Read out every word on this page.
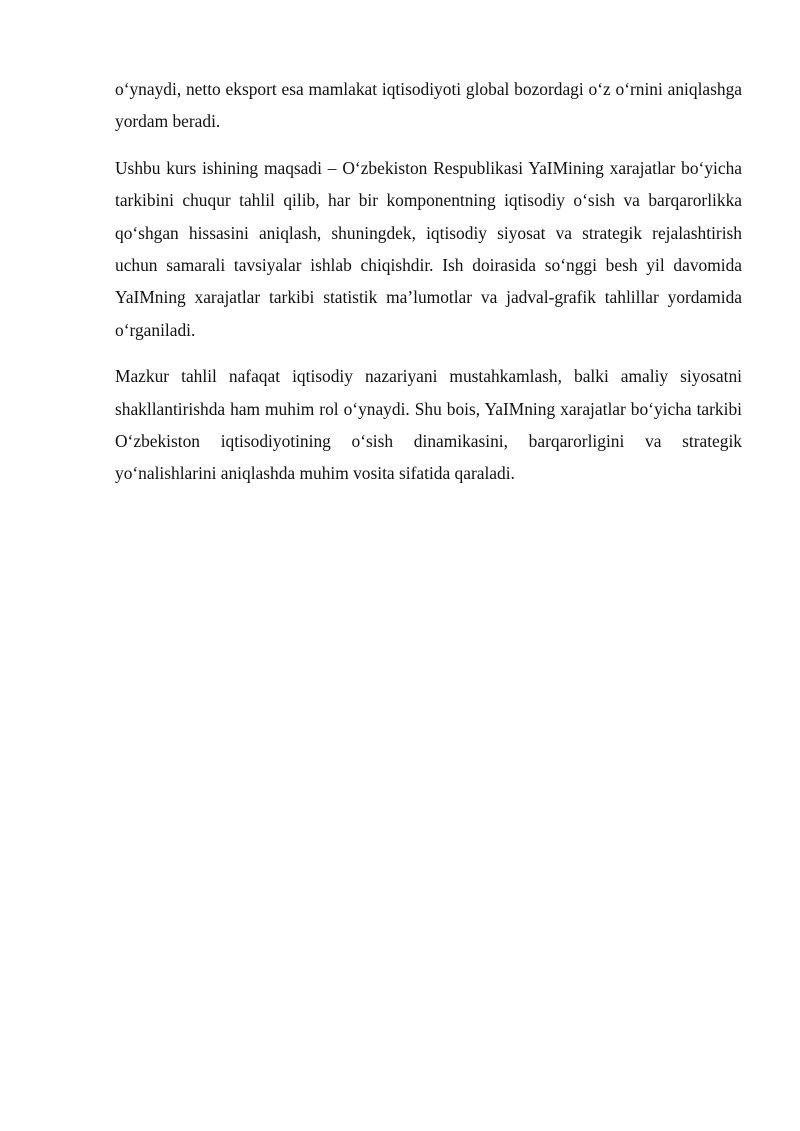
o‘ynaydi, netto eksport esa mamlakat iqtisodiyoti global bozordagi o‘z o‘rnini aniqlashga yordam beradi.

Ushbu kurs ishining maqsadi – O‘zbekiston Respublikasi YaIMining xarajatlar bo‘yicha tarkibini chuqur tahlil qilib, har bir komponentning iqtisodiy o‘sish va barqarorlikka qo‘shgan hissasini aniqlash, shuningdek, iqtisodiy siyosat va strategik rejalashtirish uchun samarali tavsiyalar ishlab chiqishdir. Ish doirasida so‘nggi besh yil davomida YaIMning xarajatlar tarkibi statistik ma’lumotlar va jadval-grafik tahlillar yordamida o‘rganiladi.

Mazkur tahlil nafaqat iqtisodiy nazariyani mustahkamlash, balki amaliy siyosatni shakllantirishda ham muhim rol o‘ynaydi. Shu bois, YaIMning xarajatlar bo‘yicha tarkibi O‘zbekiston iqtisodiyotining o‘sish dinamikasini, barqarorligini va strategik yo‘nalishlarini aniqlashda muhim vosita sifatida qaraladi.
